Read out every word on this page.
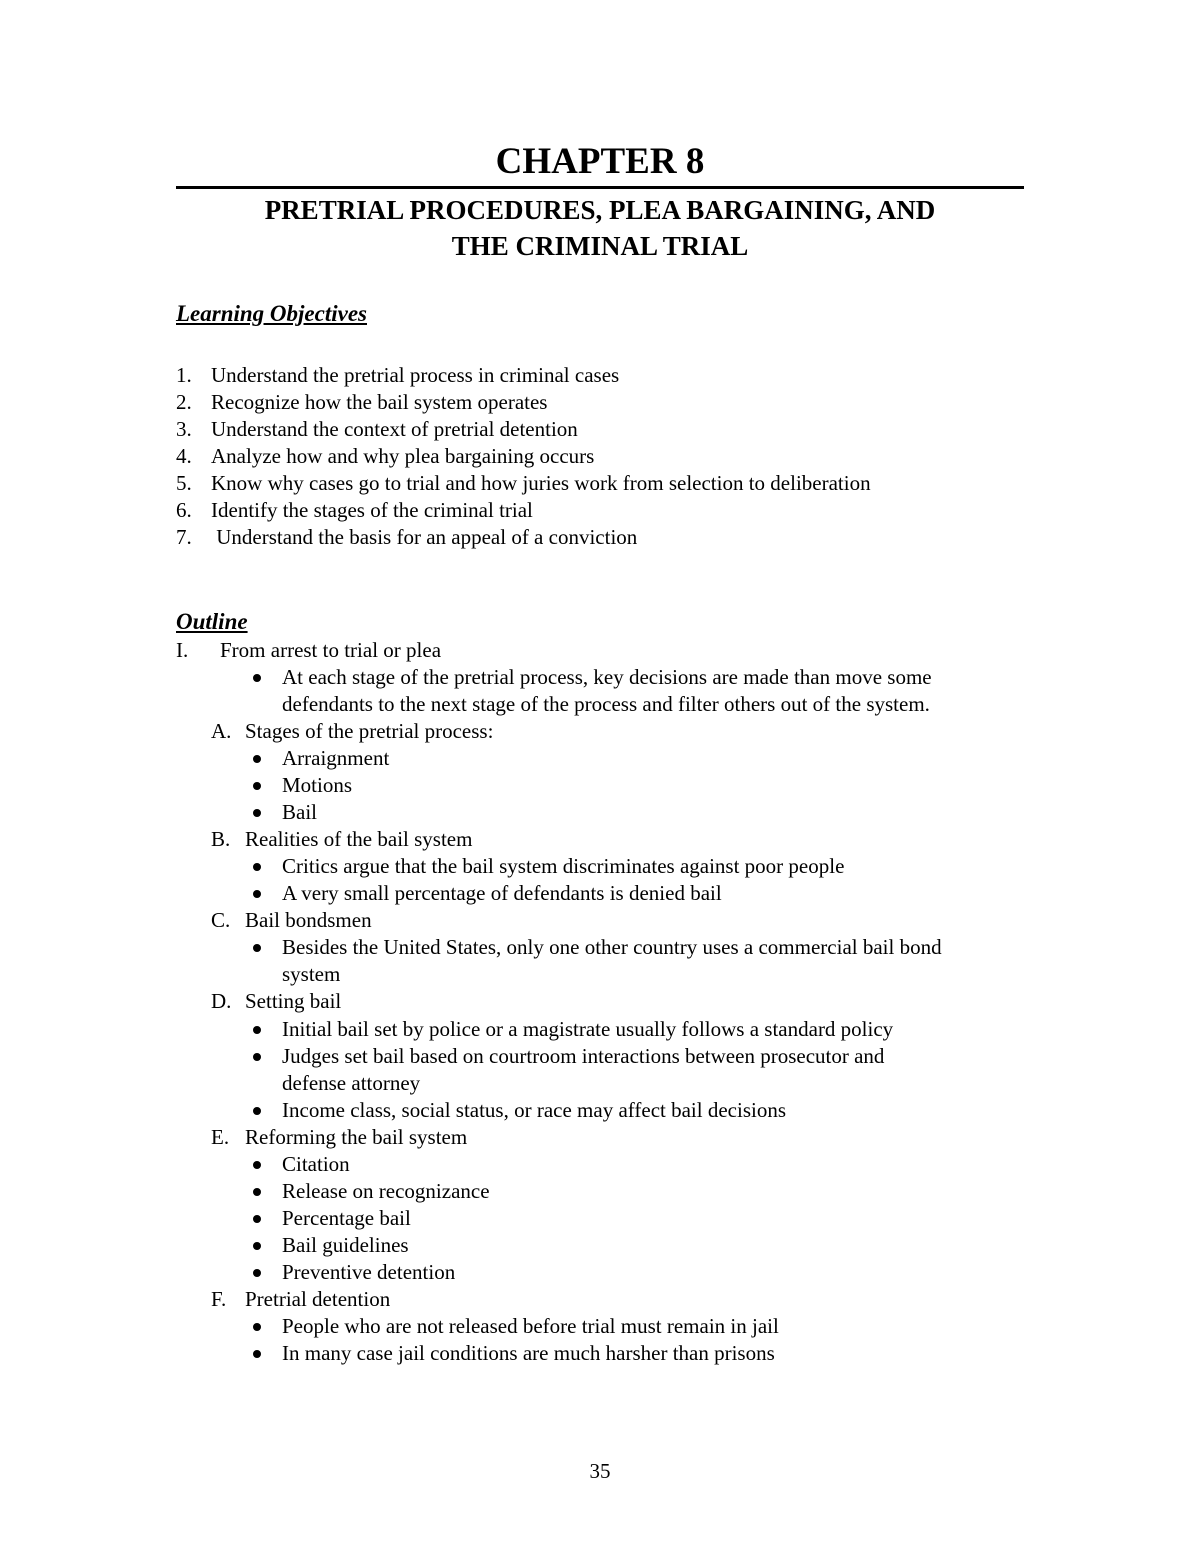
CHAPTER 8
PRETRIAL PROCEDURES, PLEA BARGAINING, AND
THE CRIMINAL TRIAL
Learning Objectives
1. Understand the pretrial process in criminal cases
2. Recognize how the bail system operates
3. Understand the context of pretrial detention
4. Analyze how and why plea bargaining occurs
5. Know why cases go to trial and how juries work from selection to deliberation
6. Identify the stages of the criminal trial
7. Understand the basis for an appeal of a conviction
Outline
I. From arrest to trial or plea
At each stage of the pretrial process, key decisions are made than move some
defendants to the next stage of the process and filter others out of the system.
A. Stages of the pretrial process:
Arraignment
Motions
Bail
B. Realities of the bail system
Critics argue that the bail system discriminates against poor people
A very small percentage of defendants is denied bail
C. Bail bondsmen
Besides the United States, only one other country uses a commercial bail bond
system
D. Setting bail
Initial bail set by police or a magistrate usually follows a standard policy
Judges set bail based on courtroom interactions between prosecutor and
defense attorney
Income class, social status, or race may affect bail decisions
E. Reforming the bail system
Citation
Release on recognizance
Percentage bail
Bail guidelines
Preventive detention
F. Pretrial detention
People who are not released before trial must remain in jail
In many case jail conditions are much harsher than prisons
35
